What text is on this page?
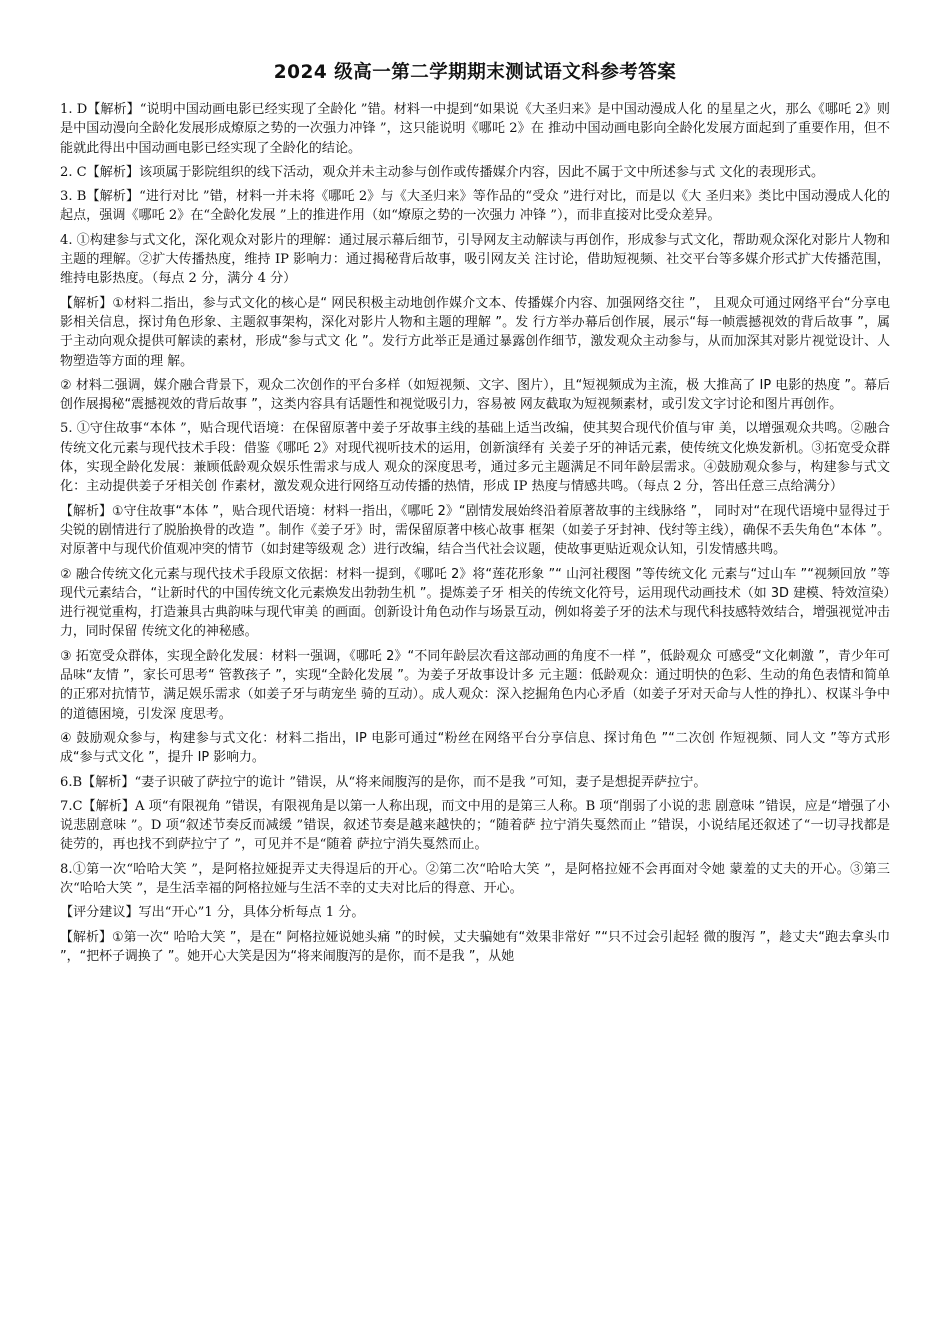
2024 级高一第二学期期末测试语文科参考答案

1. D【解析】“说明中国动画电影已经实现了全龄化 ”错。材料一中提到“如果说《大圣归来》是中国动漫成人化 的星星之火，那么《哪吒 2》则是中国动漫向全龄化发展形成燎原之势的一次强力冲锋 ”，这只能说明《哪吒 2》在 推动中国动画电影向全龄化发展方面起到了重要作用，但不能就此得出中国动画电影已经实现了全龄化的结论。

2. C【解析】该项属于影院组织的线下活动，观众并未主动参与创作或传播媒介内容，因此不属于文中所述参与式 文化的表现形式。

3. B【解析】“进行对比 ”错，材料一并未将《哪吒 2》与《大圣归来》等作品的“受众 ”进行对比，而是以《大 圣归来》类比中国动漫成人化的起点，强调《哪吒 2》在“全龄化发展 ”上的推进作用（如“燎原之势的一次强力 冲锋 ”），而非直接对比受众差异。

4. ①构建参与式文化，深化观众对影片的理解：通过展示幕后细节，引导网友主动解读与再创作，形成参与式文化，帮助观众深化对影片人物和主题的理解。②扩大传播热度，维持 IP 影响力：通过揭秘背后故事，吸引网友关 注讨论，借助短视频、社交平台等多媒介形式扩大传播范围，维持电影热度。（每点 2 分，满分 4 分）

【解析】①材料二指出，参与式文化的核心是“ 网民积极主动地创作媒介文本、传播媒介内容、加强网络交往 ”， 且观众可通过网络平台“分享电影相关信息，探讨角色形象、主题叙事架构，深化对影片人物和主题的理解 ”。发 行方举办幕后创作展，展示“每一帧震撼视效的背后故事 ”，属于主动向观众提供可解读的素材，形成“参与式文 化 ”。发行方此举正是通过暴露创作细节，激发观众主动参与，从而加深其对影片视觉设计、人物塑造等方面的理 解。

② 材料二强调，媒介融合背景下，观众二次创作的平台多样（如短视频、文字、图片），且“短视频成为主流，极 大推高了 IP 电影的热度 ”。幕后创作展揭秘“震撼视效的背后故事 ”，这类内容具有话题性和视觉吸引力，容易被 网友截取为短视频素材，或引发文字讨论和图片再创作。

5. ①守住故事“本体 ”，贴合现代语境：在保留原著中姜子牙故事主线的基础上适当改编，使其契合现代价值与审 美，以增强观众共鸣。②融合传统文化元素与现代技术手段：借鉴《哪吒 2》对现代视听技术的运用，创新演绎有 关姜子牙的神话元素，使传统文化焕发新机。③拓宽受众群体，实现全龄化发展：兼顾低龄观众娱乐性需求与成人 观众的深度思考，通过多元主题满足不同年龄层需求。④鼓励观众参与，构建参与式文化：主动提供姜子牙相关创 作素材，激发观众进行网络互动传播的热情，形成 IP 热度与情感共鸣。（每点 2 分，答出任意三点给满分）

【解析】①守住故事“本体 ”，贴合现代语境：材料一指出，《哪吒 2》“剧情发展始终沿着原著故事的主线脉络 ”， 同时对“在现代语境中显得过于尖锐的剧情进行了脱胎换骨的改造 ”。制作《姜子牙》时，需保留原著中核心故事 框架（如姜子牙封神、伐纣等主线），确保不丢失角色“本体 ”。对原著中与现代价值观冲突的情节（如封建等级观 念）进行改编，结合当代社会议题，使故事更贴近观众认知，引发情感共鸣。

② 融合传统文化元素与现代技术手段原文依据：材料一提到，《哪吒 2》将“莲花形象 ”“ 山河社稷图 ”等传统文化 元素与“过山车 ”“视频回放 ”等现代元素结合，“让新时代的中国传统文化元素焕发出勃勃生机 ”。提炼姜子牙 相关的传统文化符号，运用现代动画技术（如 3D 建模、特效渲染）进行视觉重构，打造兼具古典韵味与现代审美 的画面。创新设计角色动作与场景互动，例如将姜子牙的法术与现代科技感特效结合，增强视觉冲击力，同时保留 传统文化的神秘感。

③ 拓宽受众群体，实现全龄化发展：材料一强调，《哪吒 2》“不同年龄层次看这部动画的角度不一样 ”，低龄观众 可感受“文化刺激 ”，青少年可品味“友情 ”，家长可思考“ 管教孩子 ”，实现“全龄化发展 ”。为姜子牙故事设计多 元主题：低龄观众：通过明快的色彩、生动的角色表情和简单的正邪对抗情节，满足娱乐需求（如姜子牙与萌宠坐 骑的互动）。成人观众：深入挖掘角色内心矛盾（如姜子牙对天命与人性的挣扎）、权谋斗争中的道德困境，引发深 度思考。

④ 鼓励观众参与，构建参与式文化：材料二指出，IP 电影可通过“粉丝在网络平台分享信息、探讨角色 ”“二次创 作短视频、同人文 ”等方式形成“参与式文化 ”，提升 IP 影响力。

6.B【解析】“妻子识破了萨拉宁的诡计 ”错误，从“将来闹腹泻的是你，而不是我 ”可知，妻子是想捉弄萨拉宁。

7.C【解析】A 项“有限视角 ”错误，有限视角是以第一人称出现，而文中用的是第三人称。B 项“削弱了小说的悲 剧意味 ”错误，应是“增强了小说悲剧意味 ”。D 项“叙述节奏反而减缓 ”错误，叙述节奏是越来越快的；“随着萨 拉宁消失戛然而止 ”错误，小说结尾还叙述了“一切寻找都是徒劳的，再也找不到萨拉宁了 ”，可见并不是“随着 萨拉宁消失戛然而止。

8.①第一次“哈哈大笑 ”，是阿格拉娅捉弄丈夫得逞后的开心。②第二次“哈哈大笑 ”，是阿格拉娅不会再面对令她 蒙羞的丈夫的开心。③第三次“哈哈大笑 ”，是生活幸福的阿格拉娅与生活不幸的丈夫对比后的得意、开心。

【评分建议】写出“开心”1 分，具体分析每点 1 分。

【解析】①第一次“ 哈哈大笑 ”，是在“ 阿格拉娅说她头痛 ”的时候，丈夫骗她有“效果非常好 ”“只不过会引起轻 微的腹泻 ”，趁丈夫“跑去拿头巾 ”，“把杯子调换了 ”。她开心大笑是因为“将来闹腹泻的是你，而不是我 ”，从她
